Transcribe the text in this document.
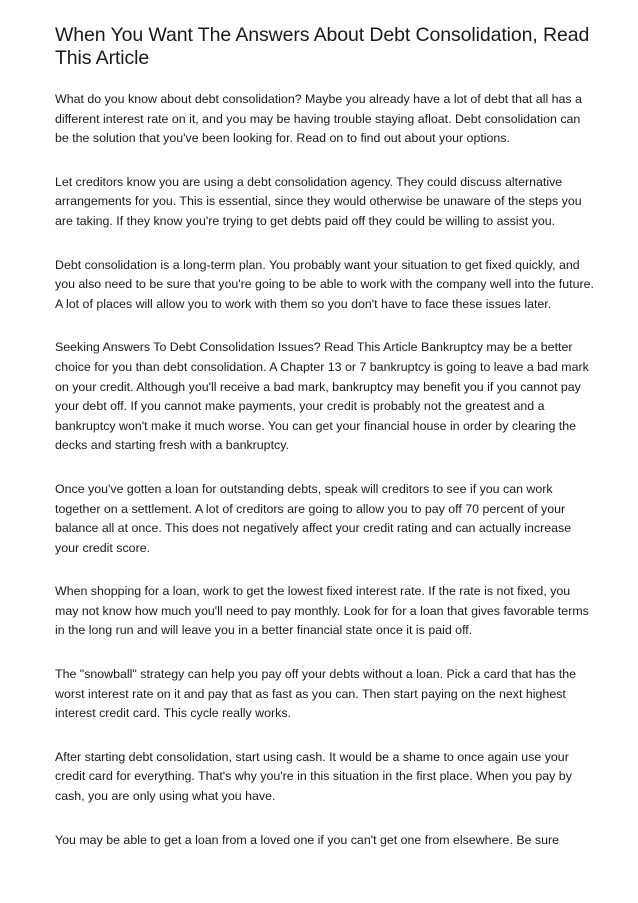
When You Want The Answers About Debt Consolidation, Read This Article

What do you know about debt consolidation? Maybe you already have a lot of debt that all has a different interest rate on it, and you may be having trouble staying afloat. Debt consolidation can be the solution that you've been looking for. Read on to find out about your options.

Let creditors know you are using a debt consolidation agency. They could discuss alternative arrangements for you. This is essential, since they would otherwise be unaware of the steps you are taking. If they know you're trying to get debts paid off they could be willing to assist you.

Debt consolidation is a long-term plan. You probably want your situation to get fixed quickly, and you also need to be sure that you're going to be able to work with the company well into the future. A lot of places will allow you to work with them so you don't have to face these issues later.

Seeking Answers To Debt Consolidation Issues? Read This Article Bankruptcy may be a better choice for you than debt consolidation. A Chapter 13 or 7 bankruptcy is going to leave a bad mark on your credit. Although you'll receive a bad mark, bankruptcy may benefit you if you cannot pay your debt off. If you cannot make payments, your credit is probably not the greatest and a bankruptcy won't make it much worse. You can get your financial house in order by clearing the decks and starting fresh with a bankruptcy.

Once you've gotten a loan for outstanding debts, speak will creditors to see if you can work together on a settlement. A lot of creditors are going to allow you to pay off 70 percent of your balance all at once. This does not negatively affect your credit rating and can actually increase your credit score.

When shopping for a loan, work to get the lowest fixed interest rate. If the rate is not fixed, you may not know how much you'll need to pay monthly. Look for for a loan that gives favorable terms in the long run and will leave you in a better financial state once it is paid off.

The "snowball" strategy can help you pay off your debts without a loan. Pick a card that has the worst interest rate on it and pay that as fast as you can. Then start paying on the next highest interest credit card. This cycle really works.

After starting debt consolidation, start using cash. It would be a shame to once again use your credit card for everything. That's why you're in this situation in the first place. When you pay by cash, you are only using what you have.

You may be able to get a loan from a loved one if you can't get one from elsewhere. Be sure
